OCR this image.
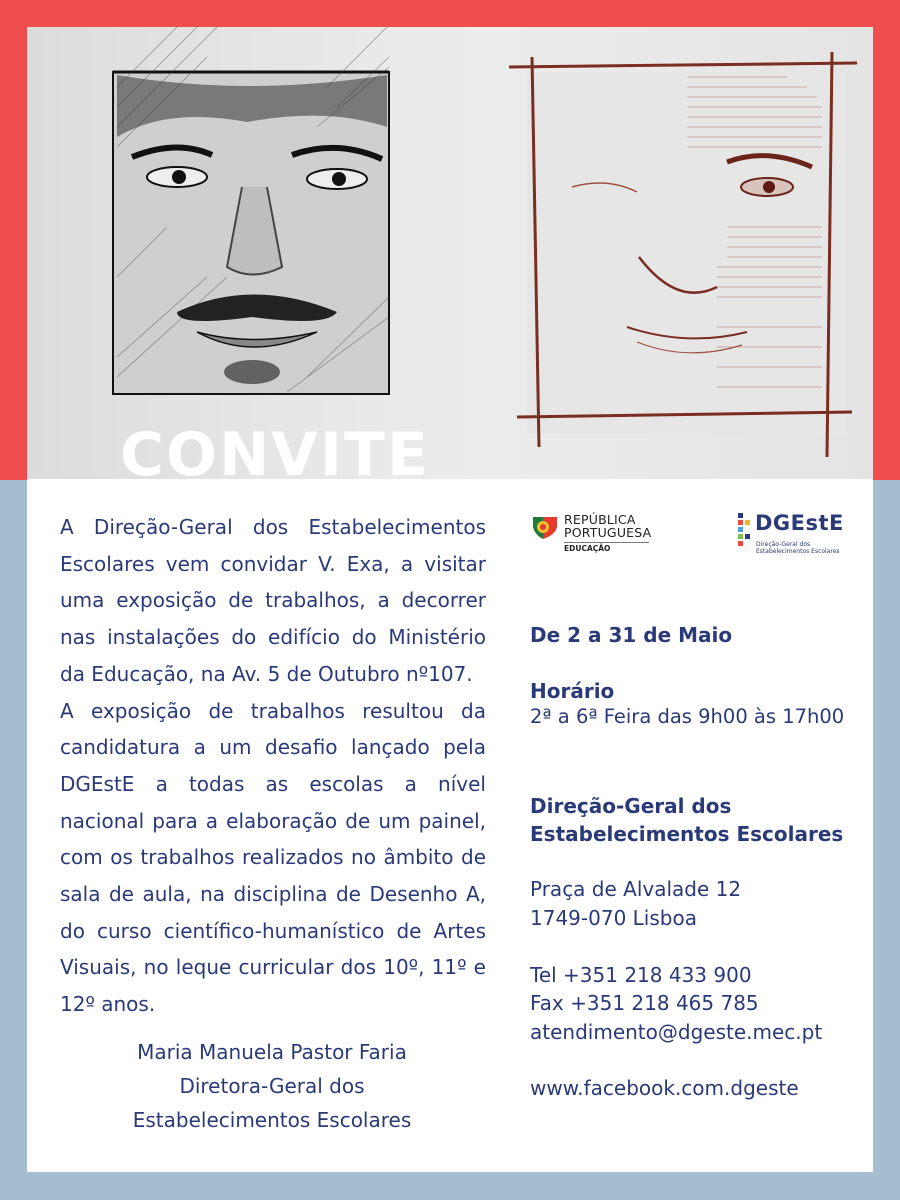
CONVITE

A Direção-Geral dos Estabelecimentos Escolares vem convidar V. Exa, a visitar uma exposição de trabalhos, a decorrer nas instalações do edifício do Ministério da Educação, na Av. 5 de Outubro nº107.

A exposição de trabalhos resultou da candidatura a um desafio lançado pela DGEstE a todas as escolas a nível nacional para a elaboração de um painel, com os trabalhos realizados no âmbito de sala de aula, na disciplina de Desenho A, do curso científico-humanístico de Artes Visuais, no leque curricular dos 10º, 11º e 12º anos.

Maria Manuela Pastor Faria
Diretora-Geral dos
Estabelecimentos Escolares
REPÚBLICA
PORTUGUESA
EDUCAÇÃO
DGEstE
Direção-Geral dos
Estabelecimentos Escolares
De 2 a 31 de Maio
Horário
2ª a 6ª Feira das 9h00 às 17h00
Direção-Geral dos
Estabelecimentos Escolares
Praça de Alvalade 12
1749-070 Lisboa
Tel +351 218 433 900
Fax +351 218 465 785
atendimento@dgeste.mec.pt
www.facebook.com.dgeste
